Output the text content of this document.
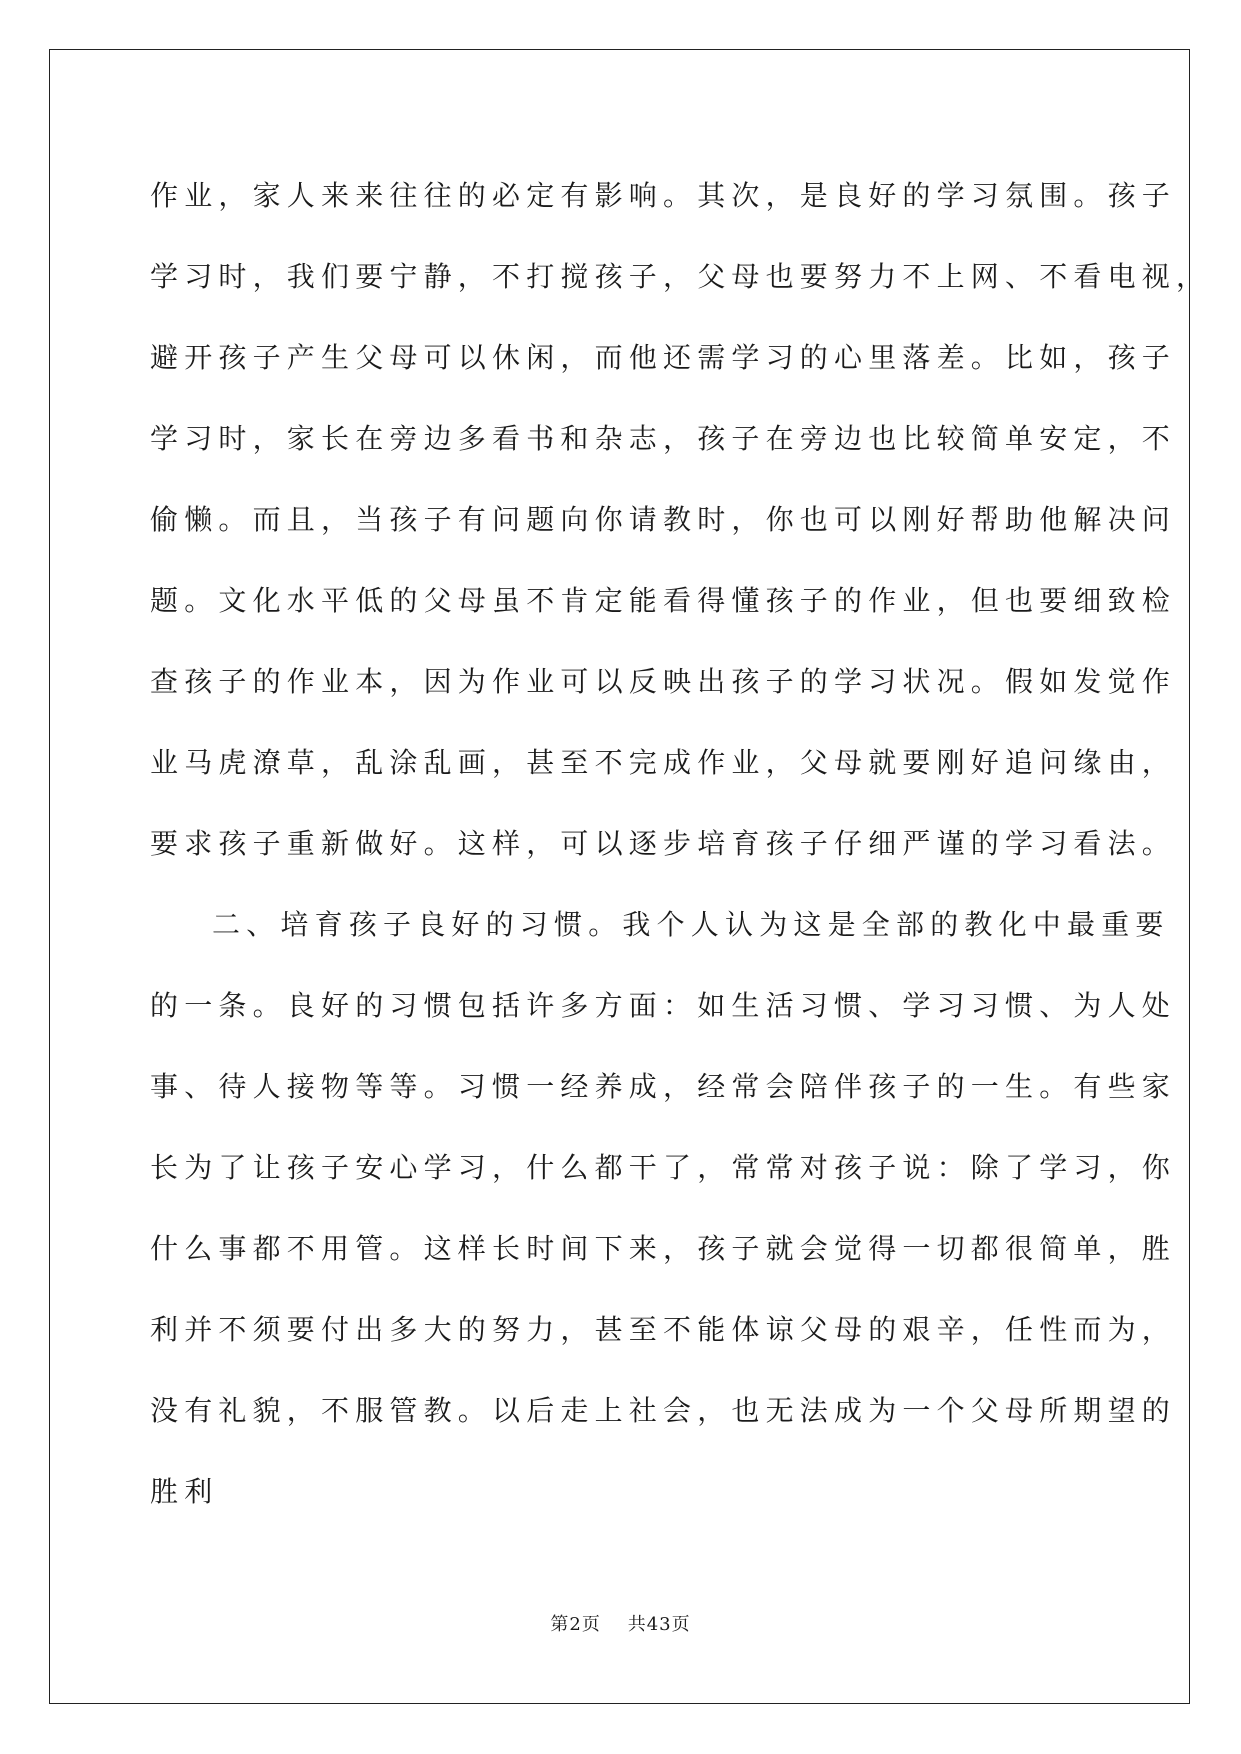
作业，家人来来往往的必定有影响。其次，是良好的学习氛围。孩子
学习时，我们要宁静，不打搅孩子，父母也要努力不上网、不看电视，
避开孩子产生父母可以休闲，而他还需学习的心里落差。比如，孩子
学习时，家长在旁边多看书和杂志，孩子在旁边也比较简单安定，不
偷懒。而且，当孩子有问题向你请教时，你也可以刚好帮助他解决问
题。文化水平低的父母虽不肯定能看得懂孩子的作业，但也要细致检
查孩子的作业本，因为作业可以反映出孩子的学习状况。假如发觉作
业马虎潦草，乱涂乱画，甚至不完成作业，父母就要刚好追问缘由，
要求孩子重新做好。这样，可以逐步培育孩子仔细严谨的学习看法。
二、培育孩子良好的习惯。我个人认为这是全部的教化中最重要
的一条。良好的习惯包括许多方面：如生活习惯、学习习惯、为人处
事、待人接物等等。习惯一经养成，经常会陪伴孩子的一生。有些家
长为了让孩子安心学习，什么都干了，常常对孩子说：除了学习，你
什么事都不用管。这样长时间下来，孩子就会觉得一切都很简单，胜
利并不须要付出多大的努力，甚至不能体谅父母的艰辛，任性而为，
没有礼貌，不服管教。以后走上社会，也无法成为一个父母所期望的
胜利
第2页    共43页
